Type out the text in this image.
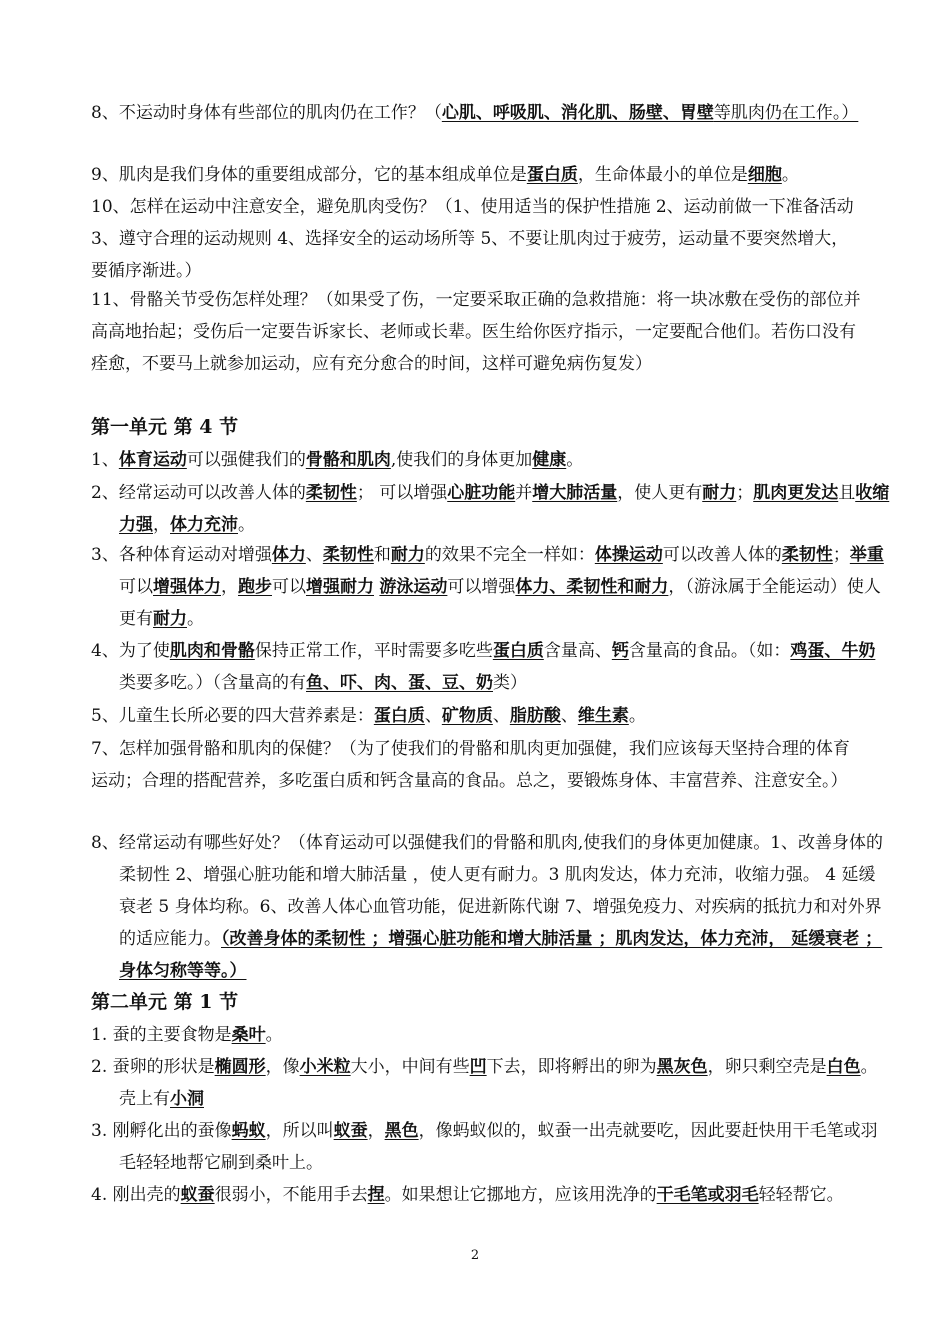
8、不运动时身体有些部位的肌肉仍在工作？（心肌、呼吸肌、消化肌、肠壁、胃壁等肌肉仍在工作。）

9、肌肉是我们身体的重要组成部分，它的基本组成单位是蛋白质，生命体最小的单位是细胞。

10、怎样在运动中注意安全，避免肌肉受伤？（1、使用适当的保护性措施 2、运动前做一下准备活动 3、遵守合理的运动规则 4、选择安全的运动场所等 5、不要让肌肉过于疲劳，运动量不要突然增大，要循序渐进。）

11、骨骼关节受伤怎样处理？（如果受了伤，一定要采取正确的急救措施：将一块冰敷在受伤的部位并高高地抬起；受伤后一定要告诉家长、老师或长辈。医生给你医疗指示，一定要配合他们。若伤口没有痊愈，不要马上就参加运动，应有充分愈合的时间，这样可避免病伤复发）

第一单元 第 4 节

1、体育运动可以强健我们的骨骼和肌肉,使我们的身体更加健康。

2、经常运动可以改善人体的柔韧性； 可以增强心脏功能并增大肺活量，使人更有耐力；肌肉更发达且收缩力强，体力充沛。

3、各种体育运动对增强体力、柔韧性和耐力的效果不完全一样如：体操运动可以改善人体的柔韧性；举重可以增强体力，跑步可以增强耐力 游泳运动可以增强体力、柔韧性和耐力，（游泳属于全能运动）使人更有耐力。

4、为了使肌肉和骨骼保持正常工作，平时需要多吃些蛋白质含量高、钙含量高的食品。（如：鸡蛋、牛奶类要多吃。）（含量高的有鱼、吓、肉、蛋、豆、奶类）

5、儿童生长所必要的四大营养素是：蛋白质、矿物质、脂肪酸、维生素。

7、怎样加强骨骼和肌肉的保健？（为了使我们的骨骼和肌肉更加强健，我们应该每天坚持合理的体育运动；合理的搭配营养，多吃蛋白质和钙含量高的食品。总之，要锻炼身体、丰富营养、注意安全。）

8、经常运动有哪些好处？（体育运动可以强健我们的骨骼和肌肉,使我们的身体更加健康。1、改善身体的柔韧性 2、增强心脏功能和增大肺活量 ，使人更有耐力。3 肌肉发达，体力充沛，收缩力强。 4 延缓衰老 5 身体均称。6、改善人体心血管功能，促进新陈代谢 7、增强免疫力、对疾病的抵抗力和对外界的适应能力。（改善身体的柔韧性 ；增强心脏功能和增大肺活量 ；肌肉发达，体力充沛， 延缓衰老 ；身体匀称等等。）

第二单元 第 1 节

1. 蚕的主要食物是桑叶。

2. 蚕卵的形状是椭圆形，像小米粒大小，中间有些凹下去，即将孵出的卵为黑灰色，卵只剩空壳是白色。壳上有小洞

3. 刚孵化出的蚕像蚂蚁，所以叫蚁蚕，黑色，像蚂蚁似的，蚁蚕一出壳就要吃，因此要赶快用干毛笔或羽毛轻轻地帮它刷到桑叶上。

4. 刚出壳的蚁蚕很弱小，不能用手去捏。如果想让它挪地方，应该用洗净的干毛笔或羽毛轻轻帮它。

2
